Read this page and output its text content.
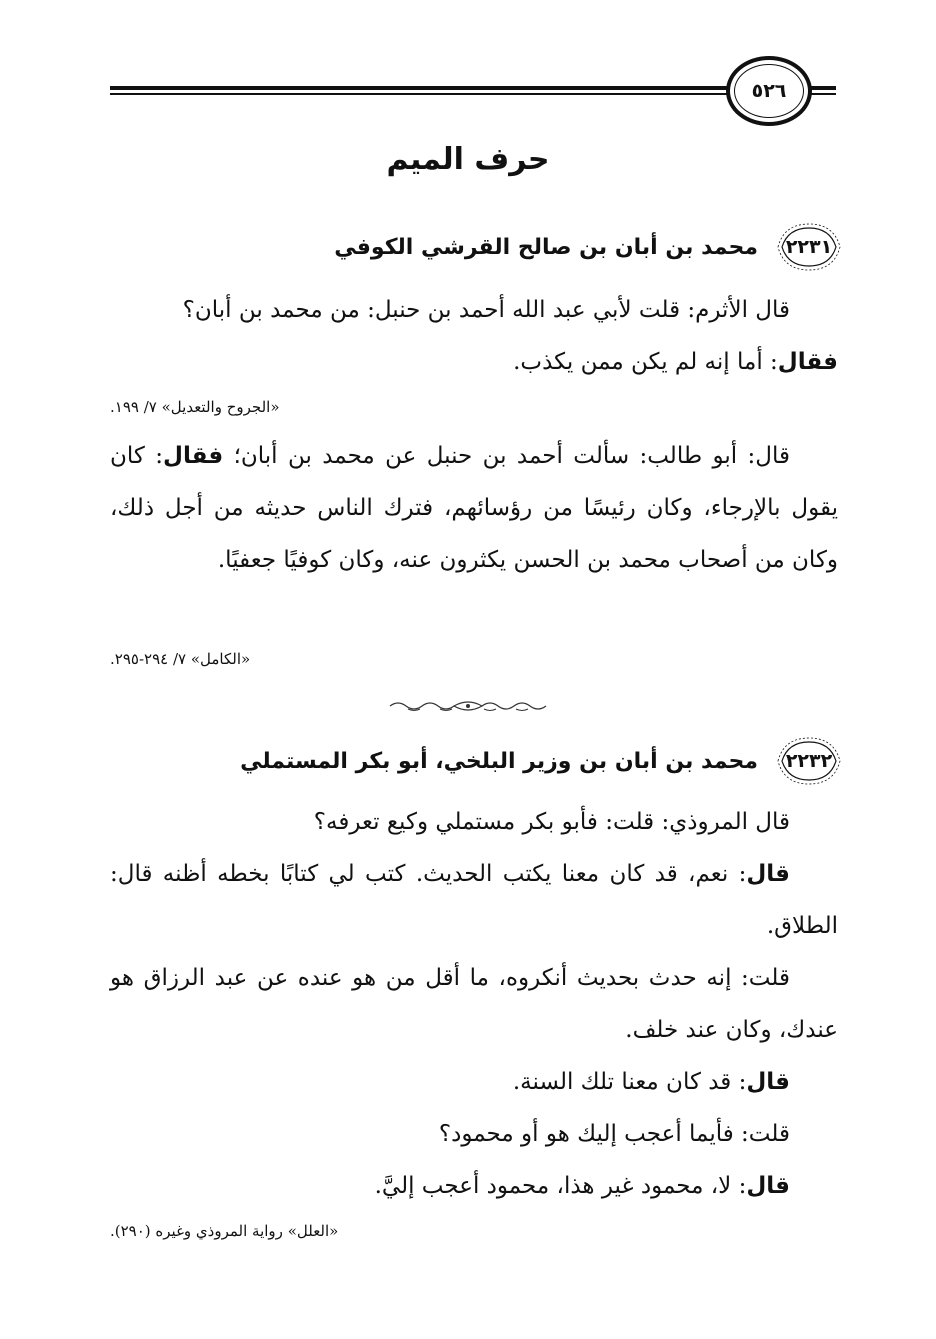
٥٢٦
حرف الميم
٢٢٣١
محمد بن أبان بن صالح القرشي الكوفي

قال الأثرم: قلت لأبي عبد الله أحمد بن حنبل: من محمد بن أبان؟
فقال: أما إنه لم يكن ممن يكذب.

«الجروح والتعديل» ٧/ ١٩٩.

قال: أبو طالب: سألت أحمد بن حنبل عن محمد بن أبان؛ فقال: كان يقول بالإرجاء، وكان رئيسًا من رؤسائهم، فترك الناس حديثه من أجل ذلك، وكان من أصحاب محمد بن الحسن يكثرون عنه، وكان كوفيًا جعفيًا.

«الكامل» ٧/ ٢٩٤-٢٩٥.

٢٢٣٢
محمد بن أبان بن وزير البلخي، أبو بكر المستملي

قال المروذي: قلت: فأبو بكر مستملي وكيع تعرفه؟

قال: نعم، قد كان معنا يكتب الحديث. كتب لي كتابًا بخطه أظنه قال: الطلاق.

قلت: إنه حدث بحديث أنكروه، ما أقل من هو عنده عن عبد الرزاق هو عندك، وكان عند خلف.

قال: قد كان معنا تلك السنة.

قلت: فأيما أعجب إليك هو أو محمود؟

قال: لا، محمود غير هذا، محمود أعجب إليَّ.

«العلل» رواية المروذي وغيره (٢٩٠).
